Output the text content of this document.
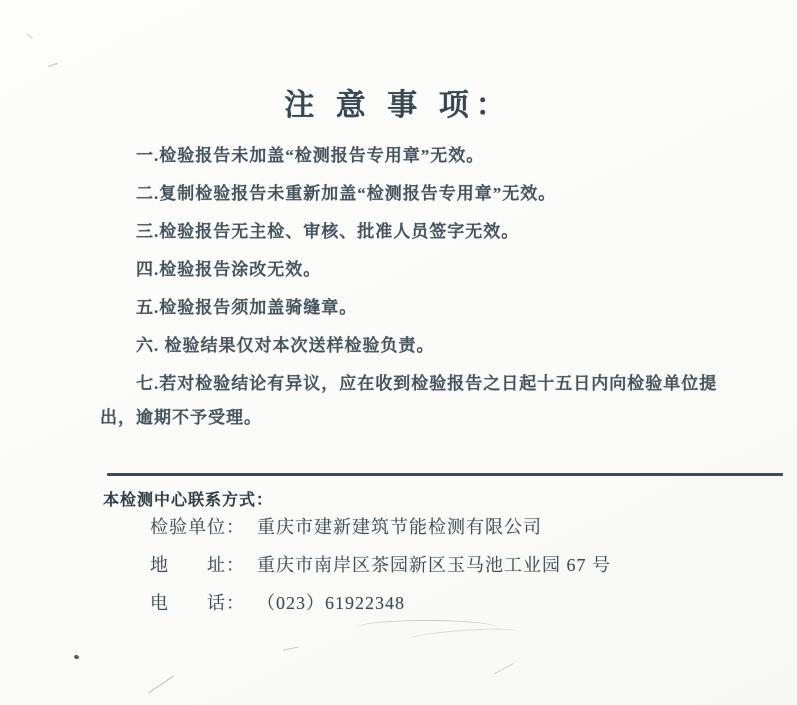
注 意 事 项：

一.检验报告未加盖“检测报告专用章”无效。

二.复制检验报告未重新加盖“检测报告专用章”无效。

三.检验报告无主检、审核、批准人员签字无效。

四.检验报告涂改无效。

五.检验报告须加盖骑缝章。

六. 检验结果仅对本次送样检验负责。

七.若对检验结论有异议，应在收到检验报告之日起十五日内向检验单位提出，逾期不予受理。

本检测中心联系方式：
检验单位： 重庆市建新建筑节能检测有限公司
地　　址： 重庆市南岸区茶园新区玉马池工业园 67 号
电　　话： （023）61922348
